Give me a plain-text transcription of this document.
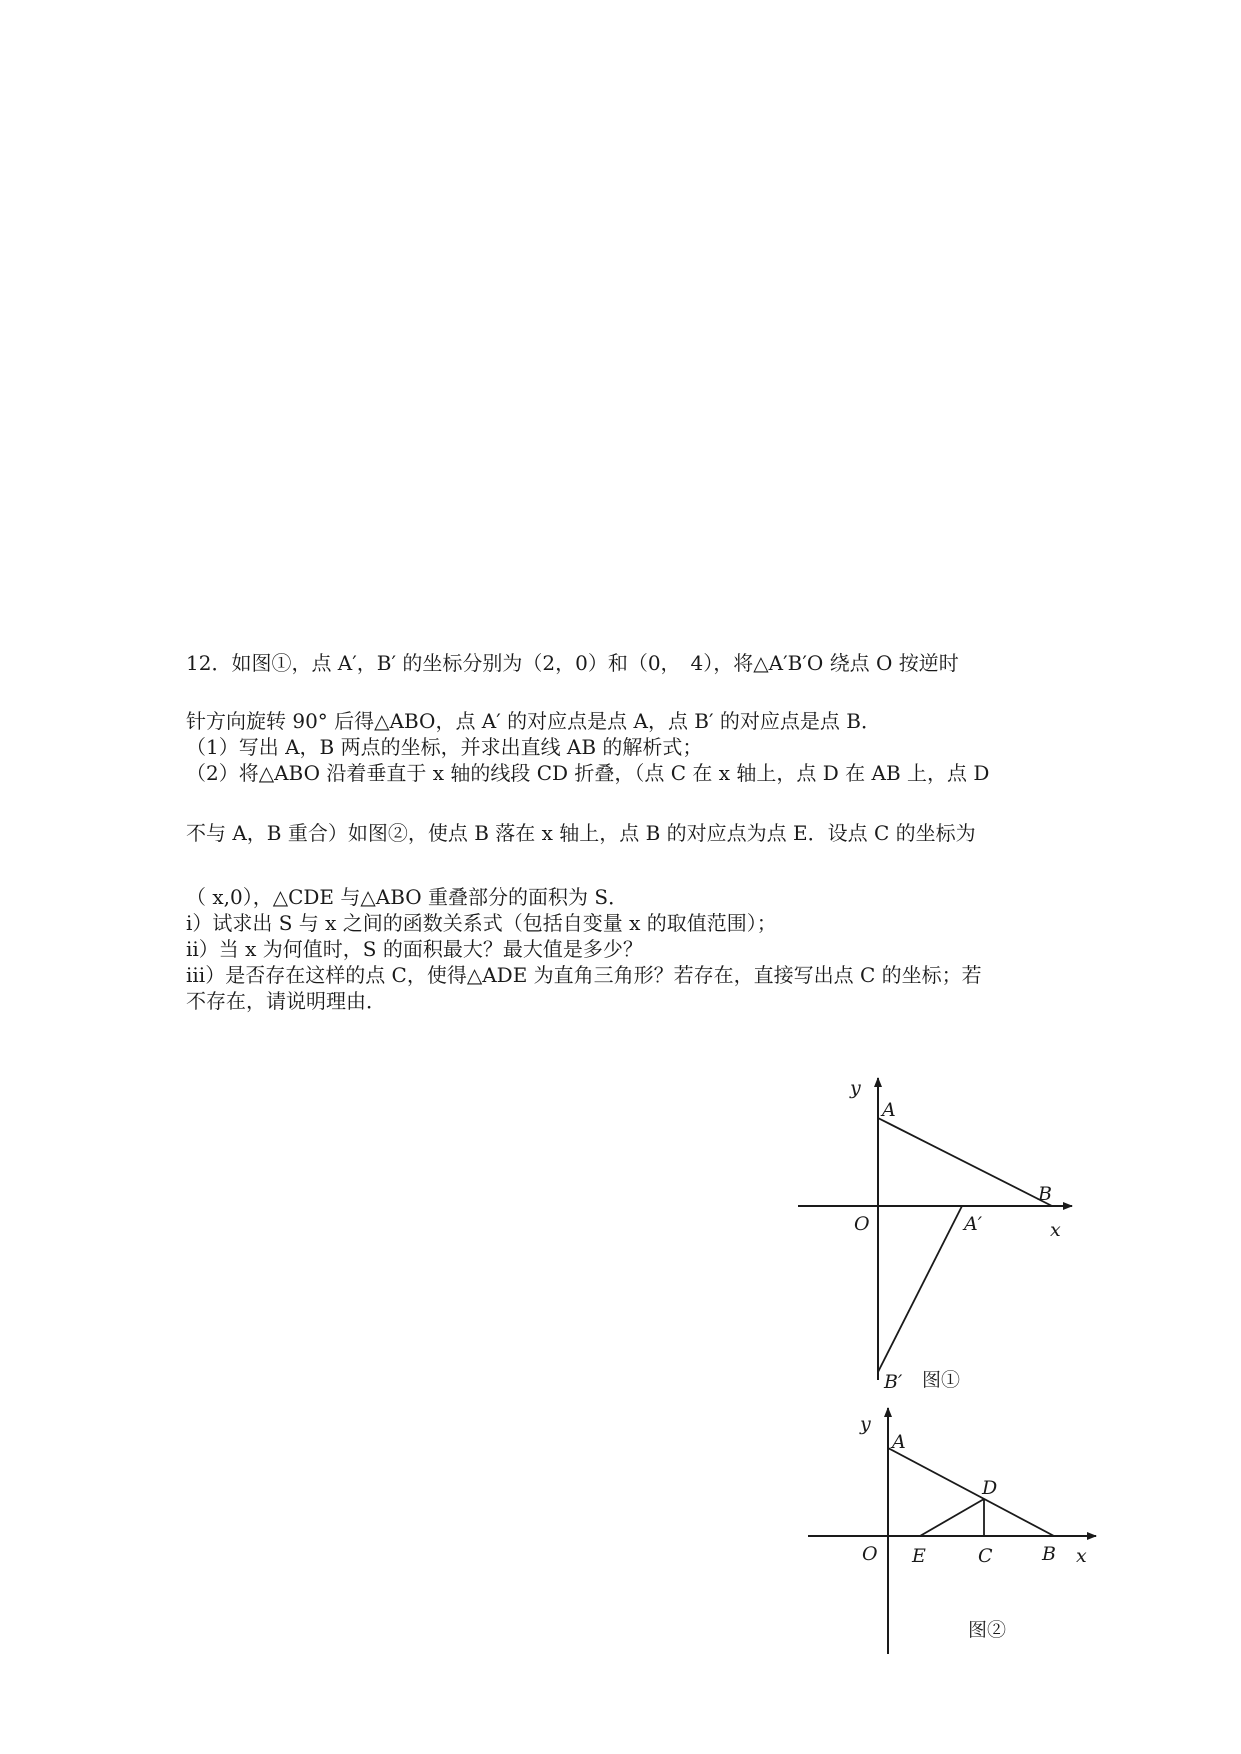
12．如图①，点 A′，B′ 的坐标分别为（2，0）和（0，　4），将△A′B′O 绕点 O 按逆时

针方向旋转 90° 后得△ABO，点 A′ 的对应点是点 A，点 B′ 的对应点是点 B．

（1）写出 A，B 两点的坐标，并求出直线 AB 的解析式；

（2）将△ABO 沿着垂直于 x 轴的线段 CD 折叠，（点 C 在 x 轴上，点 D 在 AB 上，点 D

不与 A，B 重合）如图②，使点 B 落在 x 轴上，点 B 的对应点为点 E．设点 C 的坐标为

（ x,0），△CDE 与△ABO 重叠部分的面积为 S．

i）试求出 S 与 x 之间的函数关系式（包括自变量 x 的取值范围）；

ii）当 x 为何值时，S 的面积最大？最大值是多少？

iii）是否存在这样的点 C，使得△ADE 为直角三角形？若存在，直接写出点 C 的坐标；若

不存在，请说明理由．

y
A
B
O	A′	x
B′ 图①
y
A
D
O E	C	B x
图②
